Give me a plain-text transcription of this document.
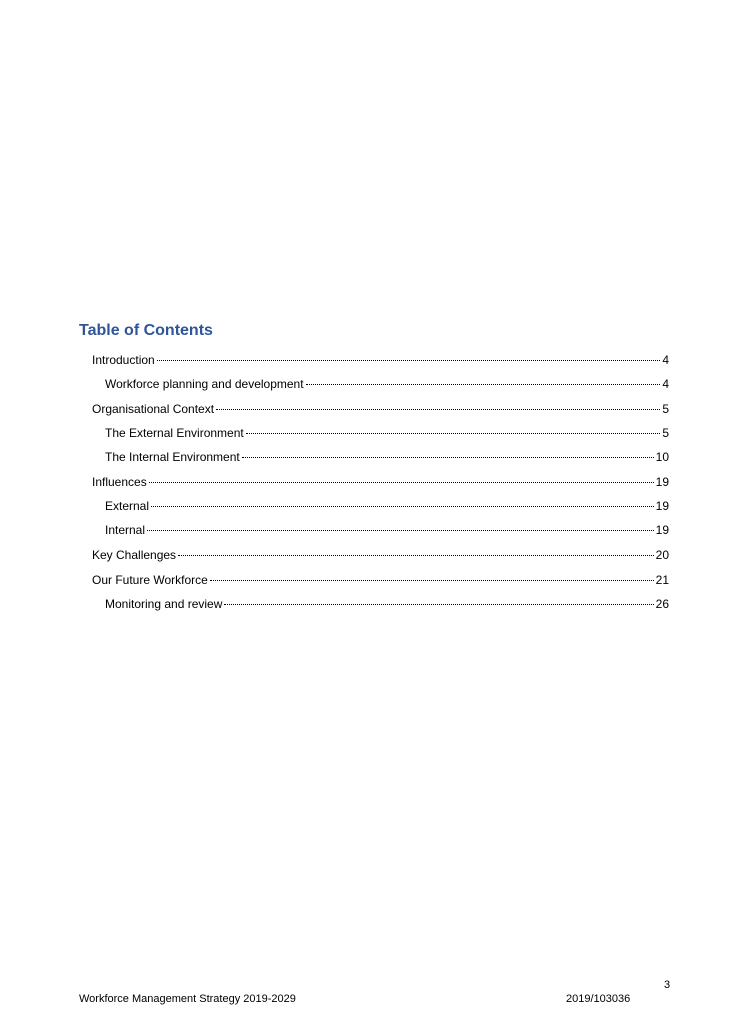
Table of Contents
Introduction	4
Workforce planning and development	4
Organisational Context	5
The External Environment	5
The Internal Environment	10
Influences	19
External	19
Internal	19
Key Challenges	20
Our Future Workforce	21
Monitoring and review	26
3
Workforce Management Strategy 2019-2029	2019/103036
